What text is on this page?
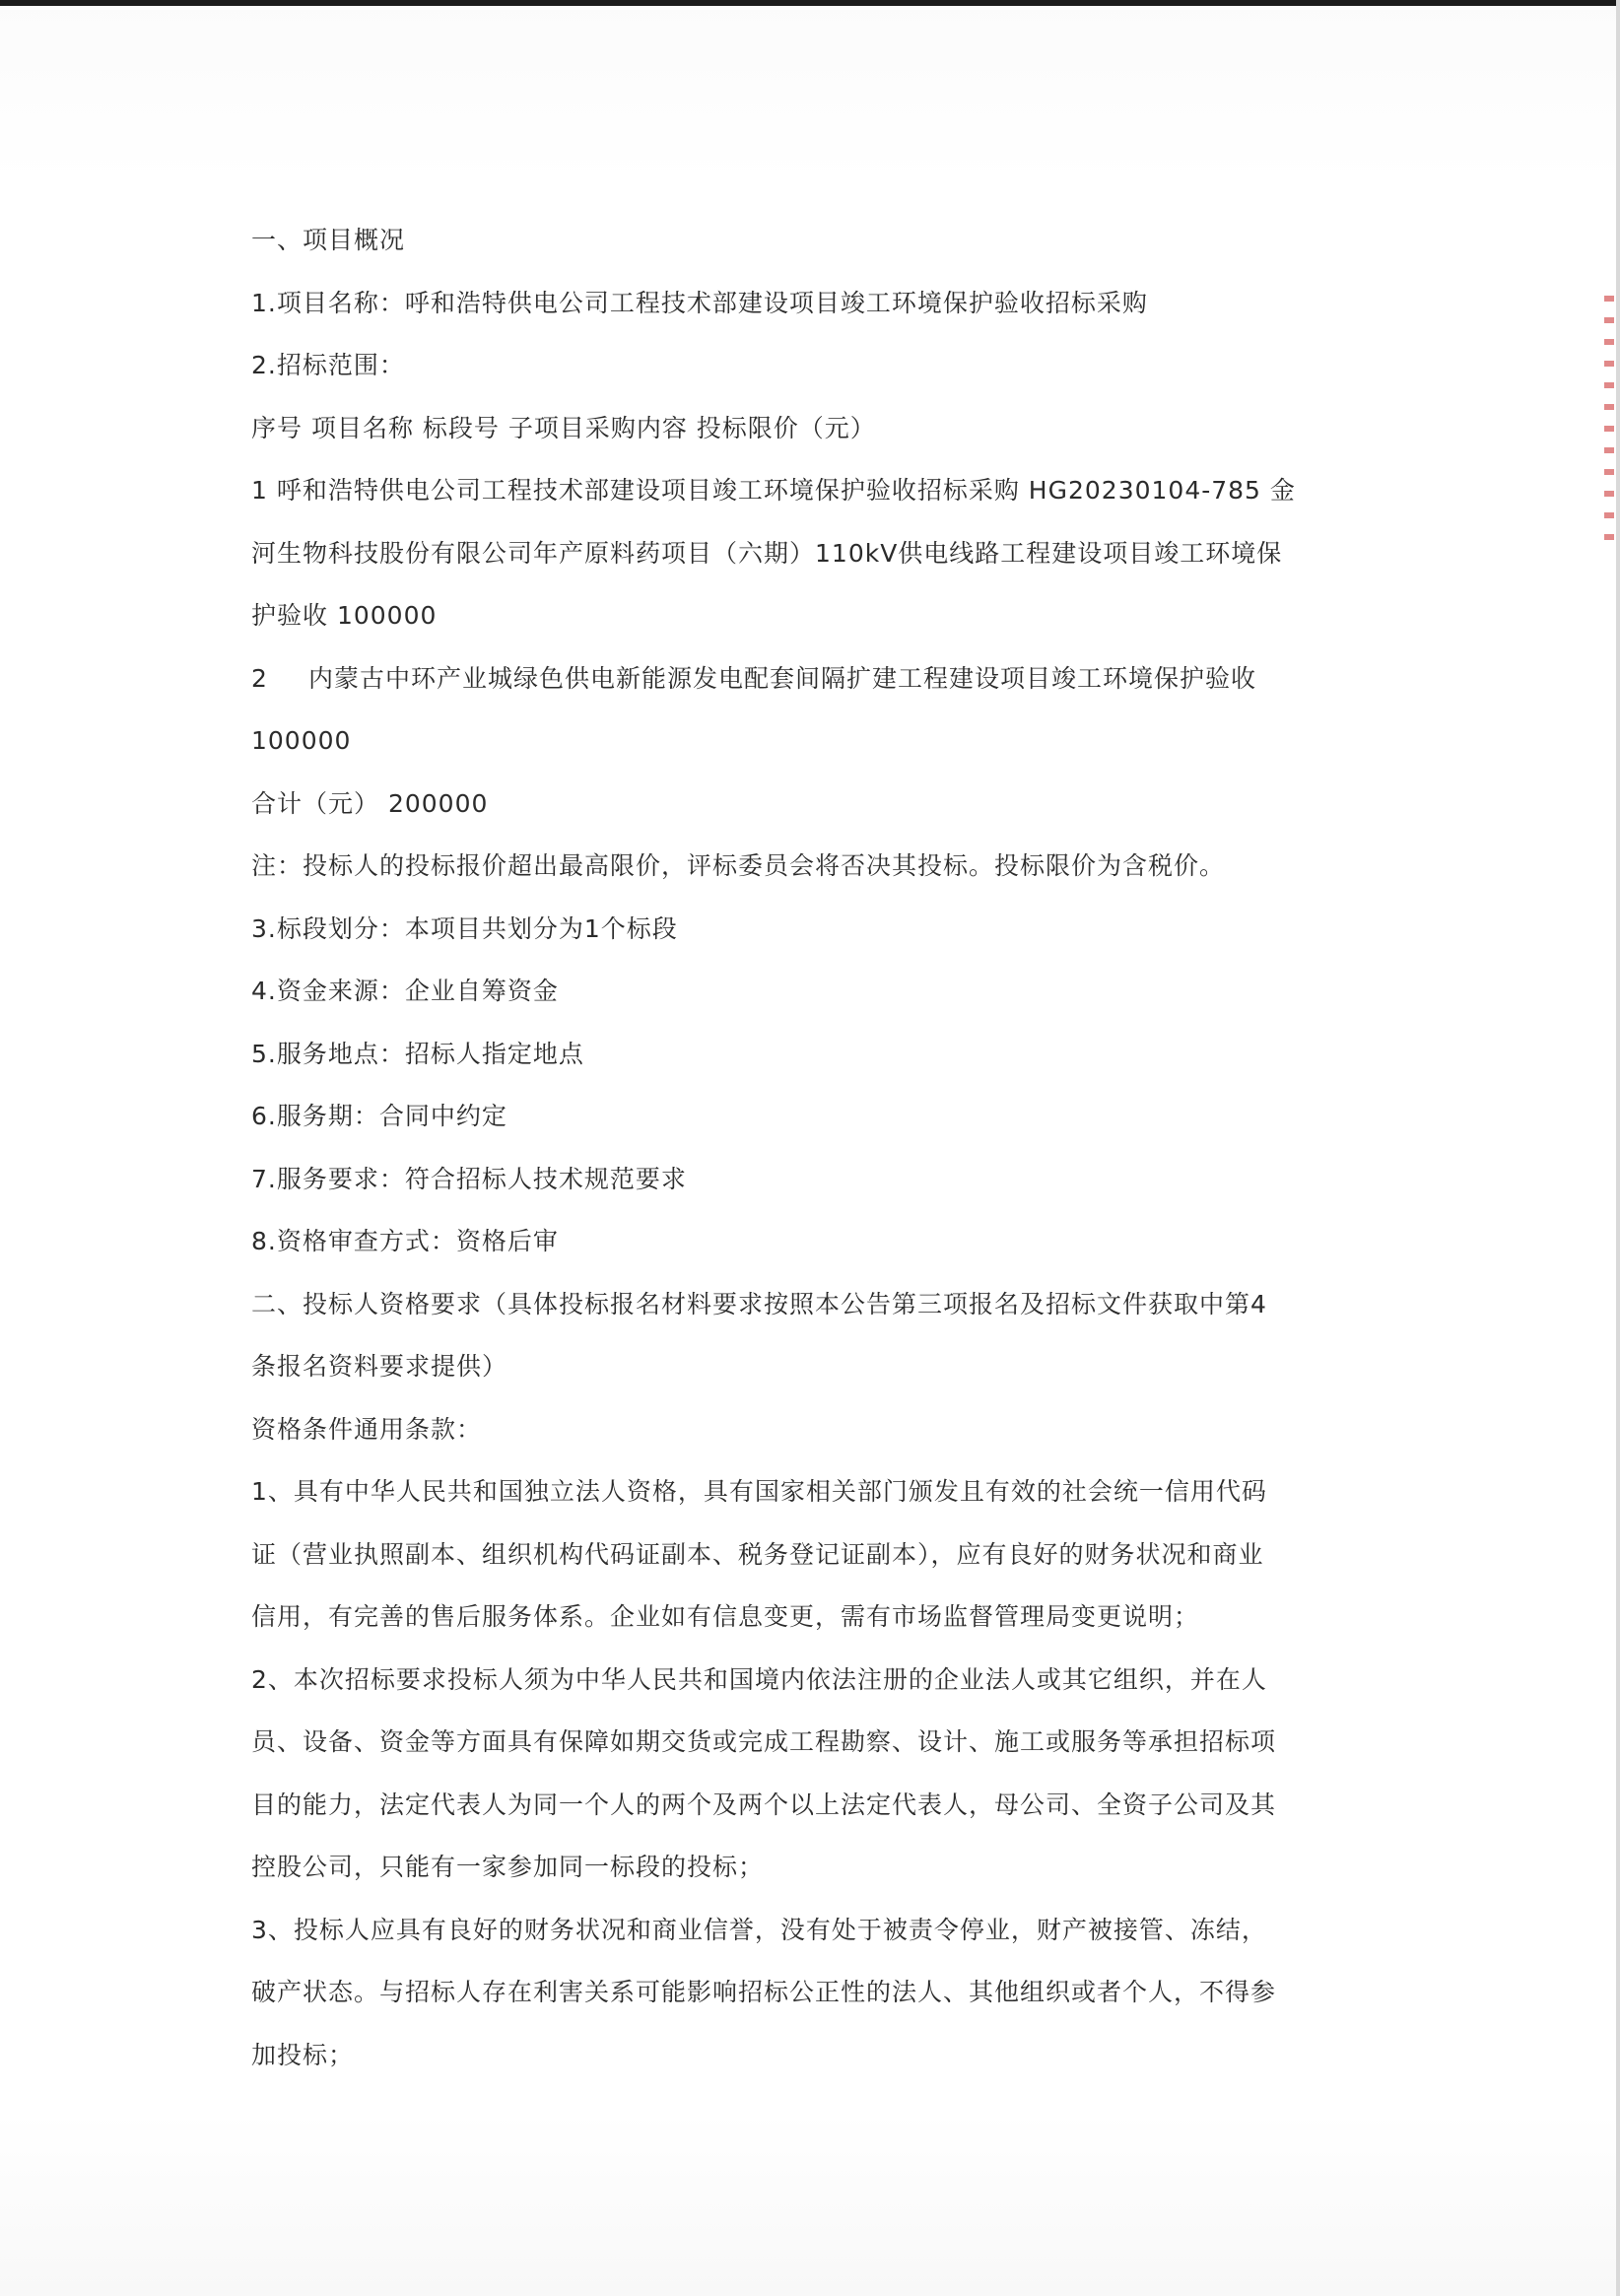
一、项目概况

1.项目名称：呼和浩特供电公司工程技术部建设项目竣工环境保护验收招标采购

2.招标范围：

序号 项目名称 标段号 子项目采购内容 投标限价（元）

1 呼和浩特供电公司工程技术部建设项目竣工环境保护验收招标采购 HG20230104-785 金

河生物科技股份有限公司年产原料药项目（六期）110kV供电线路工程建设项目竣工环境保

护验收 100000

2 内蒙古中环产业城绿色供电新能源发电配套间隔扩建工程建设项目竣工环境保护验收

100000

合计（元） 200000

注：投标人的投标报价超出最高限价，评标委员会将否决其投标。投标限价为含税价。

3.标段划分：本项目共划分为1个标段

4.资金来源：企业自筹资金

5.服务地点：招标人指定地点

6.服务期：合同中约定

7.服务要求：符合招标人技术规范要求

8.资格审查方式：资格后审

二、投标人资格要求（具体投标报名材料要求按照本公告第三项报名及招标文件获取中第4

条报名资料要求提供）

资格条件通用条款：

1、具有中华人民共和国独立法人资格，具有国家相关部门颁发且有效的社会统一信用代码

证（营业执照副本、组织机构代码证副本、税务登记证副本），应有良好的财务状况和商业

信用，有完善的售后服务体系。企业如有信息变更，需有市场监督管理局变更说明；

2、本次招标要求投标人须为中华人民共和国境内依法注册的企业法人或其它组织，并在人

员、设备、资金等方面具有保障如期交货或完成工程勘察、设计、施工或服务等承担招标项

目的能力，法定代表人为同一个人的两个及两个以上法定代表人，母公司、全资子公司及其

控股公司，只能有一家参加同一标段的投标；

3、投标人应具有良好的财务状况和商业信誉，没有处于被责令停业，财产被接管、冻结，

破产状态。与招标人存在利害关系可能影响招标公正性的法人、其他组织或者个人，不得参

加投标；
